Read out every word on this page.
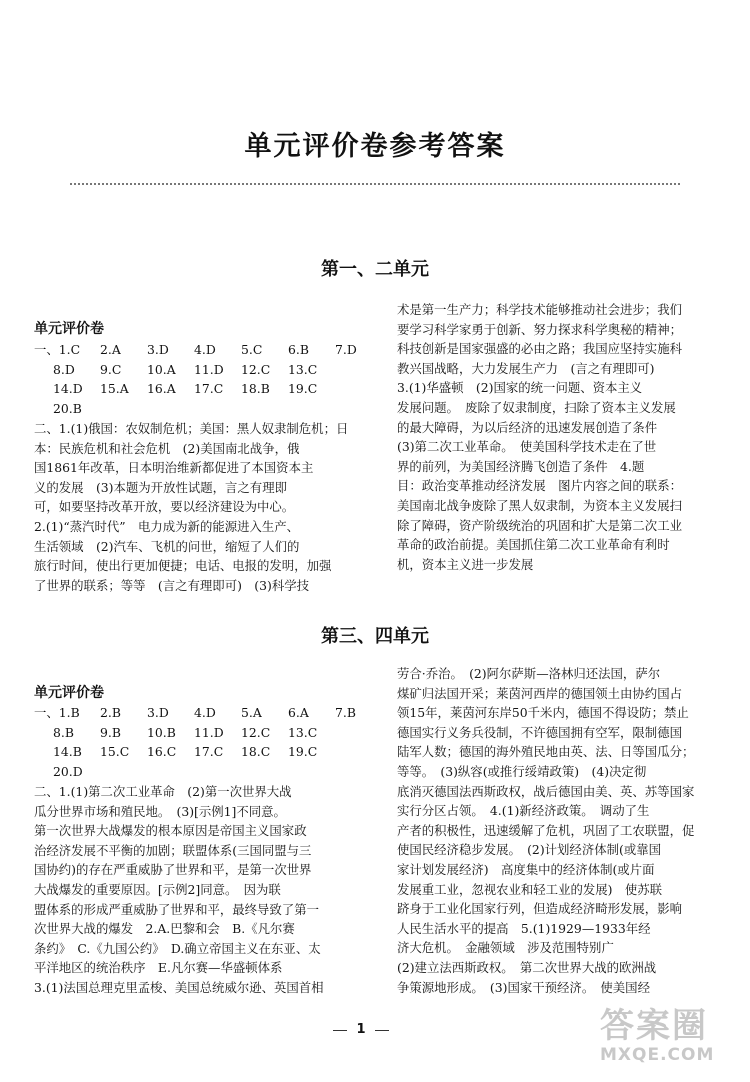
单元评价卷参考答案
第一、二单元
单元评价卷
一、1.C	2.A	3.D	4.D	5.C	6.B	7.D
8.D	9.C	10.A	11.D	12.C	13.C
14.D	15.A	16.A	17.C	18.B	19.C
20.B
二、1.(1)俄国：农奴制危机；美国：黑人奴隶制危机；日
本：民族危机和社会危机　(2)美国南北战争，俄
国1861年改革，日本明治维新都促进了本国资本主
义的发展　(3)本题为开放性试题，言之有理即
可，如要坚持改革开放，要以经济建设为中心。
2.(1)“蒸汽时代”　电力成为新的能源进入生产、
生活领域　(2)汽车、飞机的问世，缩短了人们的
旅行时间，使出行更加便捷；电话、电报的发明，加强
了世界的联系；等等　(言之有理即可)　(3)科学技
术是第一生产力；科学技术能够推动社会进步；我们
要学习科学家勇于创新、努力探求科学奥秘的精神；
科技创新是国家强盛的必由之路；我国应坚持实施科
教兴国战略，大力发展生产力　(言之有理即可)
3.(1)华盛顿　(2)国家的统一问题、资本主义
发展问题。　废除了奴隶制度，扫除了资本主义发展
的最大障碍，为以后经济的迅速发展创造了条件
(3)第二次工业革命。　使美国科学技术走在了世
界的前列，为美国经济腾飞创造了条件　4.题
目：政治变革推动经济发展　图片内容之间的联系：
美国南北战争废除了黑人奴隶制，为资本主义发展扫
除了障碍，资产阶级统治的巩固和扩大是第二次工业
革命的政治前提。美国抓住第二次工业革命有利时
机，资本主义进一步发展
第三、四单元
单元评价卷
一、1.B	2.B	3.D	4.D	5.A	6.A	7.B
8.B	9.B	10.B	11.D	12.C	13.C
14.B	15.C	16.C	17.C	18.C	19.C
20.D
二、1.(1)第二次工业革命　(2)第一次世界大战
瓜分世界市场和殖民地。　(3)[示例1]不同意。
第一次世界大战爆发的根本原因是帝国主义国家政
治经济发展不平衡的加剧；联盟体系(三国同盟与三
国协约)的存在严重威胁了世界和平，是第一次世界
大战爆发的重要原因。[示例2]同意。　因为联
盟体系的形成严重威胁了世界和平，最终导致了第一
次世界大战的爆发　2.A.巴黎和会　B.《凡尔赛
条约》　C.《九国公约》　D.确立帝国主义在东亚、太
平洋地区的统治秩序　E.凡尔赛—华盛顿体系
3.(1)法国总理克里孟梭、美国总统威尔逊、英国首相
劳合·乔治。　(2)阿尔萨斯—洛林归还法国，萨尔
煤矿归法国开采；莱茵河西岸的德国领土由协约国占
领15年，莱茵河东岸50千米内，德国不得设防；禁止
德国实行义务兵役制，不许德国拥有空军，限制德国
陆军人数；德国的海外殖民地由英、法、日等国瓜分；
等等。　(3)纵容(或推行绥靖政策)　(4)决定彻
底消灭德国法西斯政权，战后德国由美、英、苏等国家
实行分区占领。　4.(1)新经济政策。　调动了生
产者的积极性，迅速缓解了危机，巩固了工农联盟，促
使国民经济稳步发展。　(2)计划经济体制(或靠国
家计划发展经济)　高度集中的经济体制(或片面
发展重工业，忽视农业和轻工业的发展)　使苏联
跻身于工业化国家行列，但造成经济畸形发展，影响
人民生活水平的提高　5.(1)1929—1933年经
济大危机。　金融领域　涉及范围特别广
(2)建立法西斯政权。　第二次世界大战的欧洲战
争策源地形成。　(3)国家干预经济。　使美国经
1	答案圈
MXQE.COM
